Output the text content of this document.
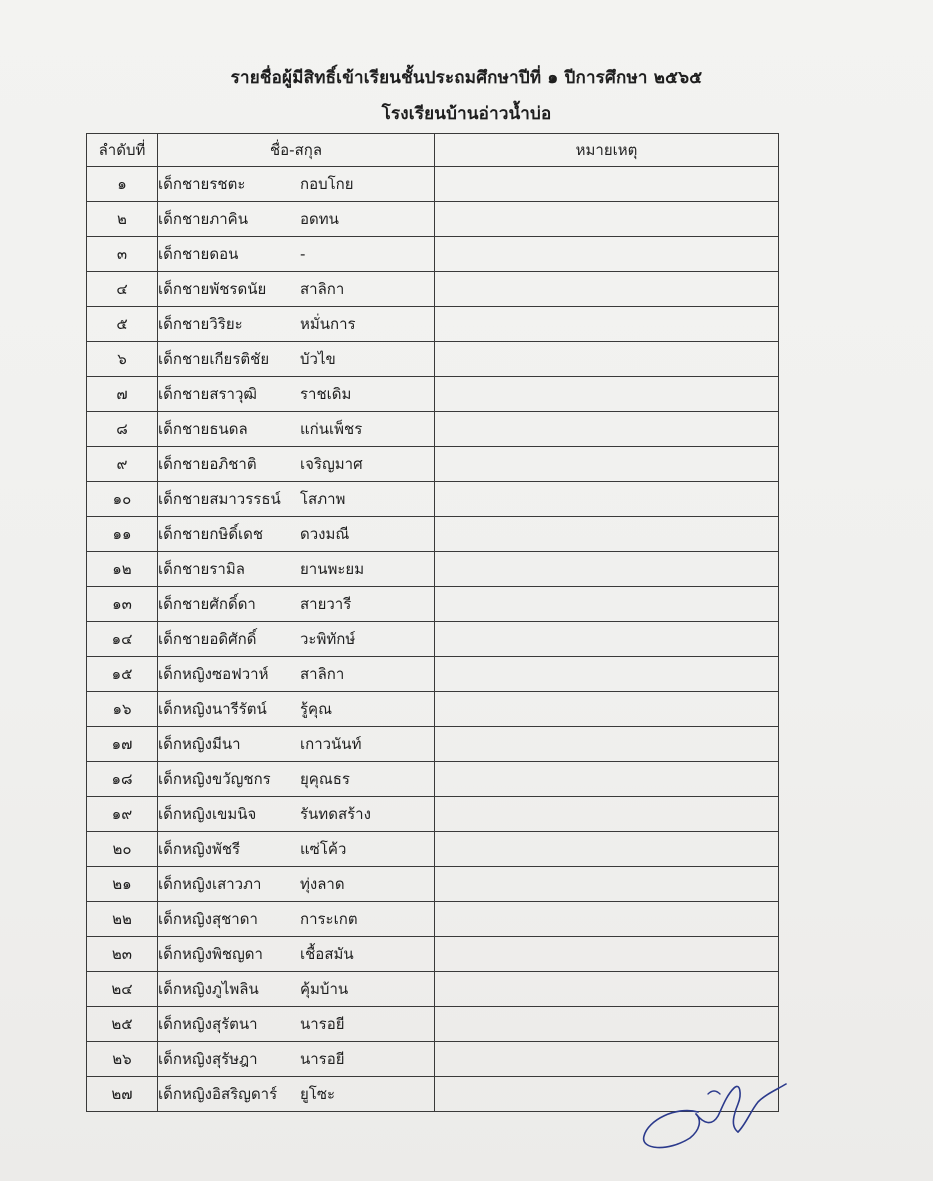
รายชื่อผู้มีสิทธิ์เข้าเรียนชั้นประถมศึกษาปีที่ ๑ ปีการศึกษา ๒๕๖๕
โรงเรียนบ้านอ่าวน้ำบ่อ
ลำดับที่	ชื่อ-สกุล	หมายเหตุ
๑	เด็กชายรชตะ กอบโกย	
๒	เด็กชายภาคิน อดทน	
๓	เด็กชายดอน -	
๔	เด็กชายพัชรดนัย สาลิกา	
๕	เด็กชายวิริยะ หมั่นการ	
๖	เด็กชายเกียรติชัย บัวไข	
๗	เด็กชายสราวุฒิ ราชเดิม	
๘	เด็กชายธนดล แก่นเพ็ชร	
๙	เด็กชายอภิชาติ เจริญมาศ	
๑๐	เด็กชายสมาวรรธน์ โสภาพ	
๑๑	เด็กชายกษิดิ์เดช ดวงมณี	
๑๒	เด็กชายรามิล ยานพะยม	
๑๓	เด็กชายศักดิ์ดา สายวารี	
๑๔	เด็กชายอดิศักดิ์ วะพิทักษ์	
๑๕	เด็กหญิงซอฟวาห์ สาลิกา	
๑๖	เด็กหญิงนารีรัตน์ รู้คุณ	
๑๗	เด็กหญิงมีนา เกาวนันท์	
๑๘	เด็กหญิงขวัญชกร ยุคุณธร	
๑๙	เด็กหญิงเขมนิจ รันทดสร้าง	
๒๐	เด็กหญิงพัชรี แซ่โค้ว	
๒๑	เด็กหญิงเสาวภา ทุ่งลาด	
๒๒	เด็กหญิงสุชาดา การะเกต	
๒๓	เด็กหญิงพิชญดา เชื้อสมัน	
๒๔	เด็กหญิงภูไพลิน คุ้มบ้าน	
๒๕	เด็กหญิงสุรัตนา นารอยี	
๒๖	เด็กหญิงสุรัษฎา นารอยี	
๒๗	เด็กหญิงอิสริญดาร์ ยูโซะ	
